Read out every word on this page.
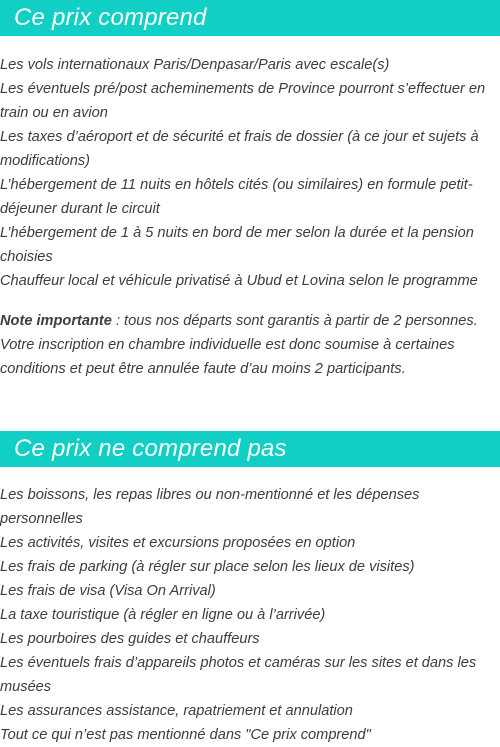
Ce prix comprend
Les vols internationaux Paris/Denpasar/Paris avec escale(s)
Les éventuels pré/post acheminements de Province pourront s’effectuer en train ou en avion
Les taxes d’aéroport et de sécurité et frais de dossier (à ce jour et sujets à modifications)
L’hébergement de 11 nuits en hôtels cités (ou similaires) en formule petit-déjeuner durant le circuit
L’hébergement de 1 à 5 nuits en bord de mer selon la durée et la pension choisies
Chauffeur local et véhicule privatisé à Ubud et Lovina selon le programme

Note importante : tous nos départs sont garantis à partir de 2 personnes. Votre inscription en chambre individuelle est donc soumise à certaines conditions et peut être annulée faute d’au moins 2 participants.

Ce prix ne comprend pas
Les boissons, les repas libres ou non-mentionné et les dépenses personnelles
Les activités, visites et excursions proposées en option
Les frais de parking (à régler sur place selon les lieux de visites)
Les frais de visa (Visa On Arrival)
La taxe touristique (à régler en ligne ou à l’arrivée)
Les pourboires des guides et chauffeurs
Les éventuels frais d’appareils photos et caméras sur les sites et dans les musées
Les assurances assistance, rapatriement et annulation
Tout ce qui n’est pas mentionné dans "Ce prix comprend"
